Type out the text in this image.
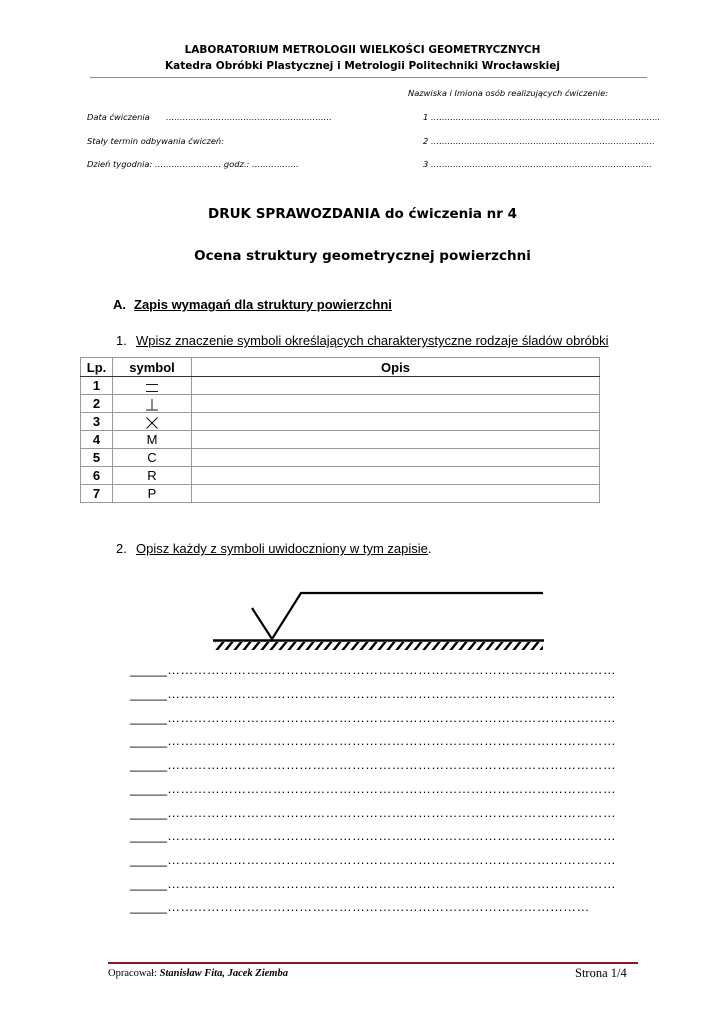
LABORATORIUM METROLOGII WIELKOŚCI GEOMETRYCZNYCH
Katedra Obróbki Plastycznej i Metrologii Politechniki Wrocławskiej
Nazwiska i Imiona osób realizujących ćwiczenie:
Data ćwiczenia ……………………………………………………
Stały termin odbywania ćwiczeń:
Dzień tygodnia: …………………… godz.: ……………..
1 ………………………………………………………………………..
2 ………………………………………………………………………
3 ……………………………………………………………………..
DRUK SPRAWOZDANIA do ćwiczenia nr 4
Ocena struktury geometrycznej powierzchni
A. Zapis wymagań dla struktury powierzchni
1. Wpisz znaczenie symboli określających charakterystyczne rodzaje śladów obróbki
Lp.	symbol	Opis
1		
2		
3		
4	M	
5	C	
6	R	
7	P	
2. Opisz każdy z symboli uwidoczniony w tym zapisie.
_____…………………………………………………………………………………………
_____…………………………………………………………………………………………
_____…………………………………………………………………………………………
_____…………………………………………………………………………………………
_____…………………………………………………………………………………………
_____…………………………………………………………………………………………
_____…………………………………………………………………………………………
_____…………………………………………………………………………………………
_____…………………………………………………………………………………………
_____…………………………………………………………………………………………
_____……………………………………………………………………………………
Opracował: Stanisław Fita, Jacek Ziemba	Strona 1/4
